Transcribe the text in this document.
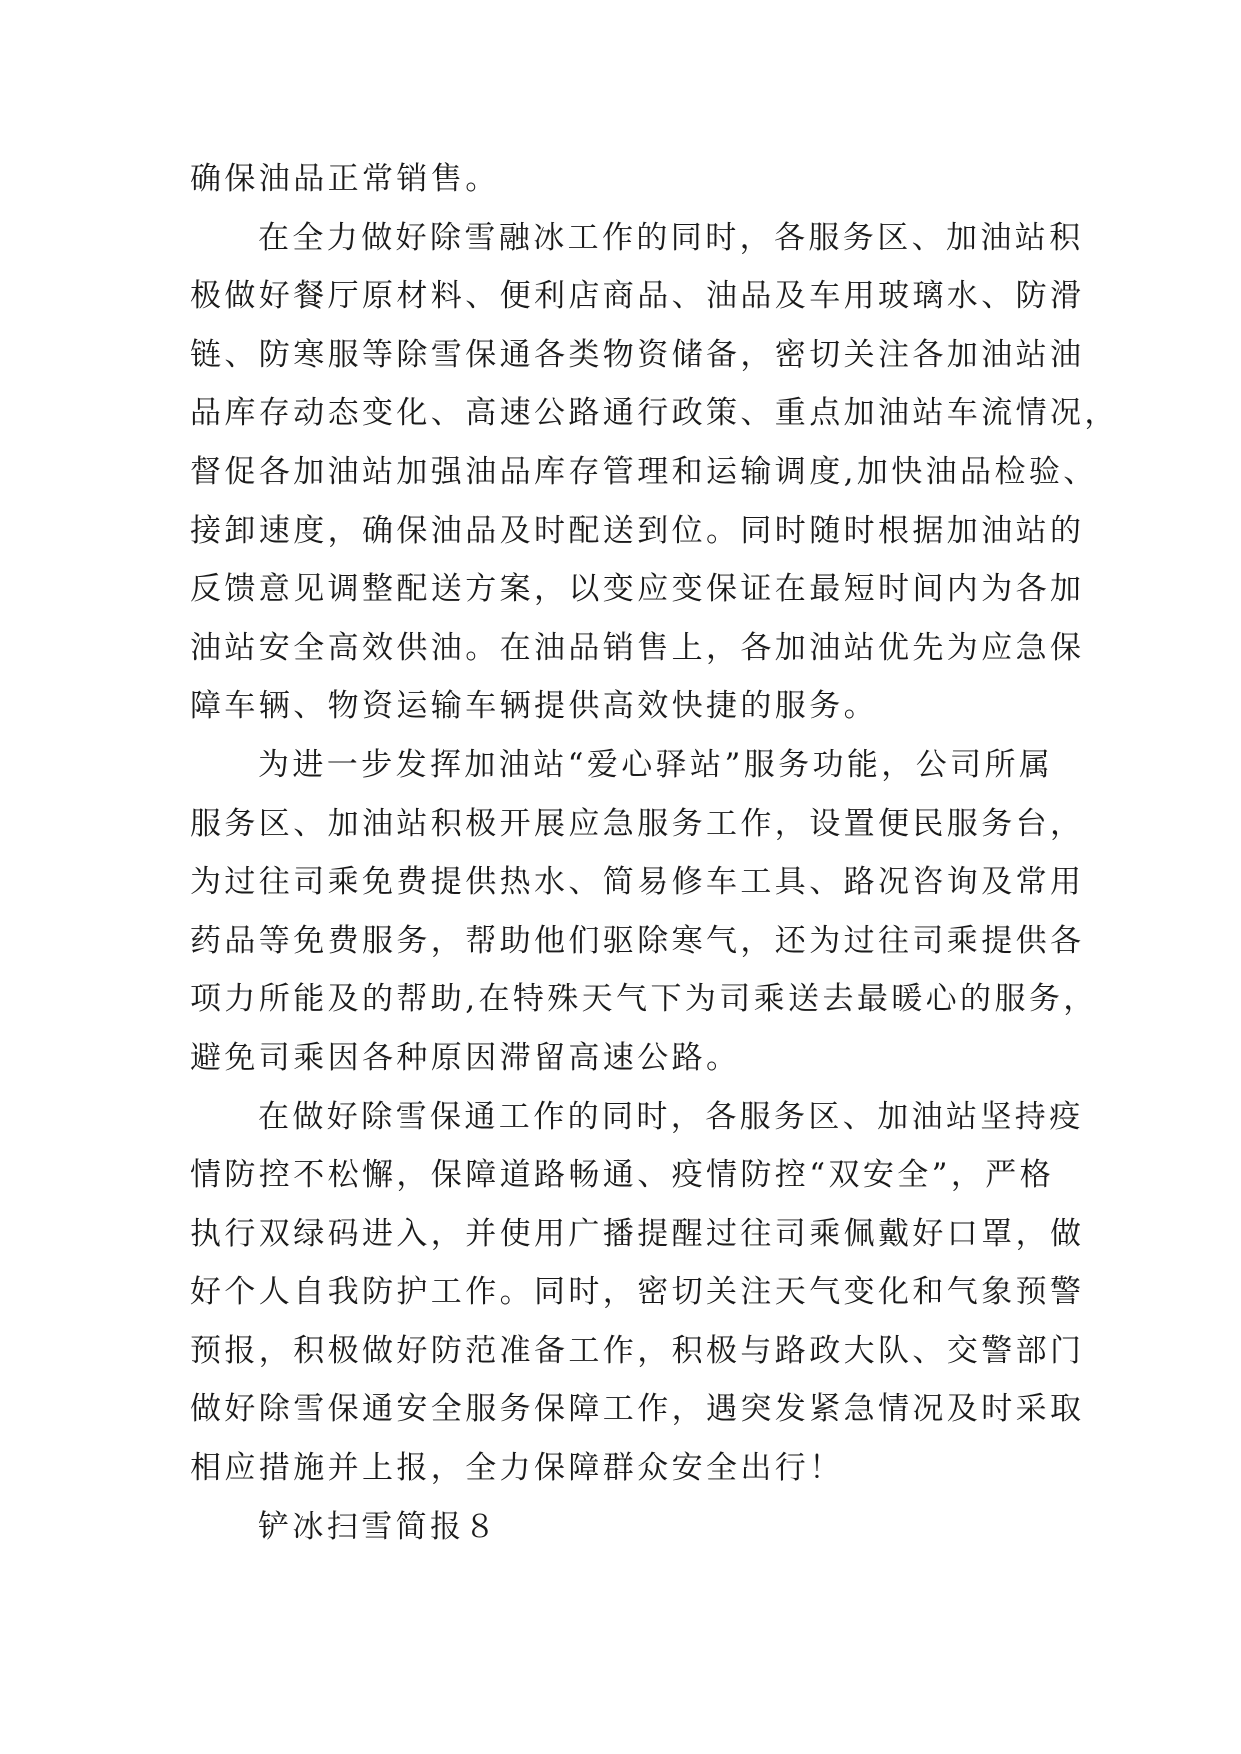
确保油品正常销售。
在全力做好除雪融冰工作的同时，各服务区、加油站积
极做好餐厅原材料、便利店商品、油品及车用玻璃水、防滑
链、防寒服等除雪保通各类物资储备，密切关注各加油站油
品库存动态变化、高速公路通行政策、重点加油站车流情况，
督促各加油站加强油品库存管理和运输调度,加快油品检验、
接卸速度，确保油品及时配送到位。同时随时根据加油站的
反馈意见调整配送方案，以变应变保证在最短时间内为各加
油站安全高效供油。在油品销售上，各加油站优先为应急保
障车辆、物资运输车辆提供高效快捷的服务。
为进一步发挥加油站“爱心驿站”服务功能，公司所属
服务区、加油站积极开展应急服务工作，设置便民服务台，
为过往司乘免费提供热水、简易修车工具、路况咨询及常用
药品等免费服务，帮助他们驱除寒气，还为过往司乘提供各
项力所能及的帮助,在特殊天气下为司乘送去最暖心的服务，
避免司乘因各种原因滞留高速公路。
在做好除雪保通工作的同时，各服务区、加油站坚持疫
情防控不松懈，保障道路畅通、疫情防控“双安全”，严格
执行双绿码进入，并使用广播提醒过往司乘佩戴好口罩，做
好个人自我防护工作。同时，密切关注天气变化和气象预警
预报，积极做好防范准备工作，积极与路政大队、交警部门
做好除雪保通安全服务保障工作，遇突发紧急情况及时采取
相应措施并上报，全力保障群众安全出行！
铲冰扫雪简报８
